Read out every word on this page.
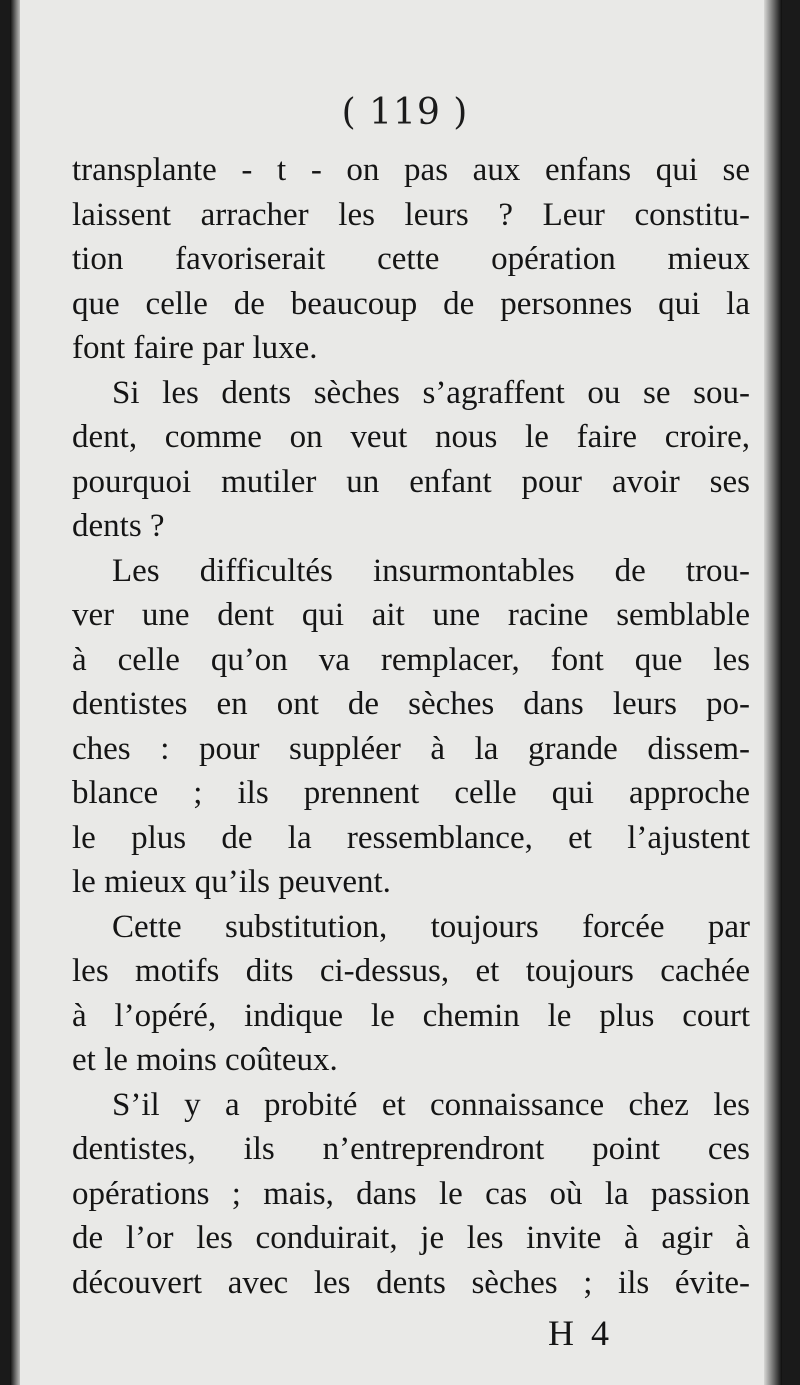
( 119 )
transplante - t - on pas aux enfans qui se
laissent arracher les leurs ? Leur constitu-
tion favoriserait cette opération mieux
que celle de beaucoup de personnes qui la
font faire par luxe.
Si les dents sèches s’agraffent ou se sou-
dent, comme on veut nous le faire croire,
pourquoi mutiler un enfant pour avoir ses
dents ?
Les difficultés insurmontables de trou-
ver une dent qui ait une racine semblable
à celle qu’on va remplacer, font que les
dentistes en ont de sèches dans leurs po-
ches : pour suppléer à la grande dissem-
blance ; ils prennent celle qui approche
le plus de la ressemblance, et l’ajustent
le mieux qu’ils peuvent.
Cette substitution, toujours forcée par
les motifs dits ci-dessus, et toujours cachée
à l’opéré, indique le chemin le plus court
et le moins coûteux.
S’il y a probité et connaissance chez les
dentistes, ils n’entreprendront point ces
opérations ; mais, dans le cas où la passion
de l’or les conduirait, je les invite à agir à
découvert avec les dents sèches ; ils évite-
H 4
